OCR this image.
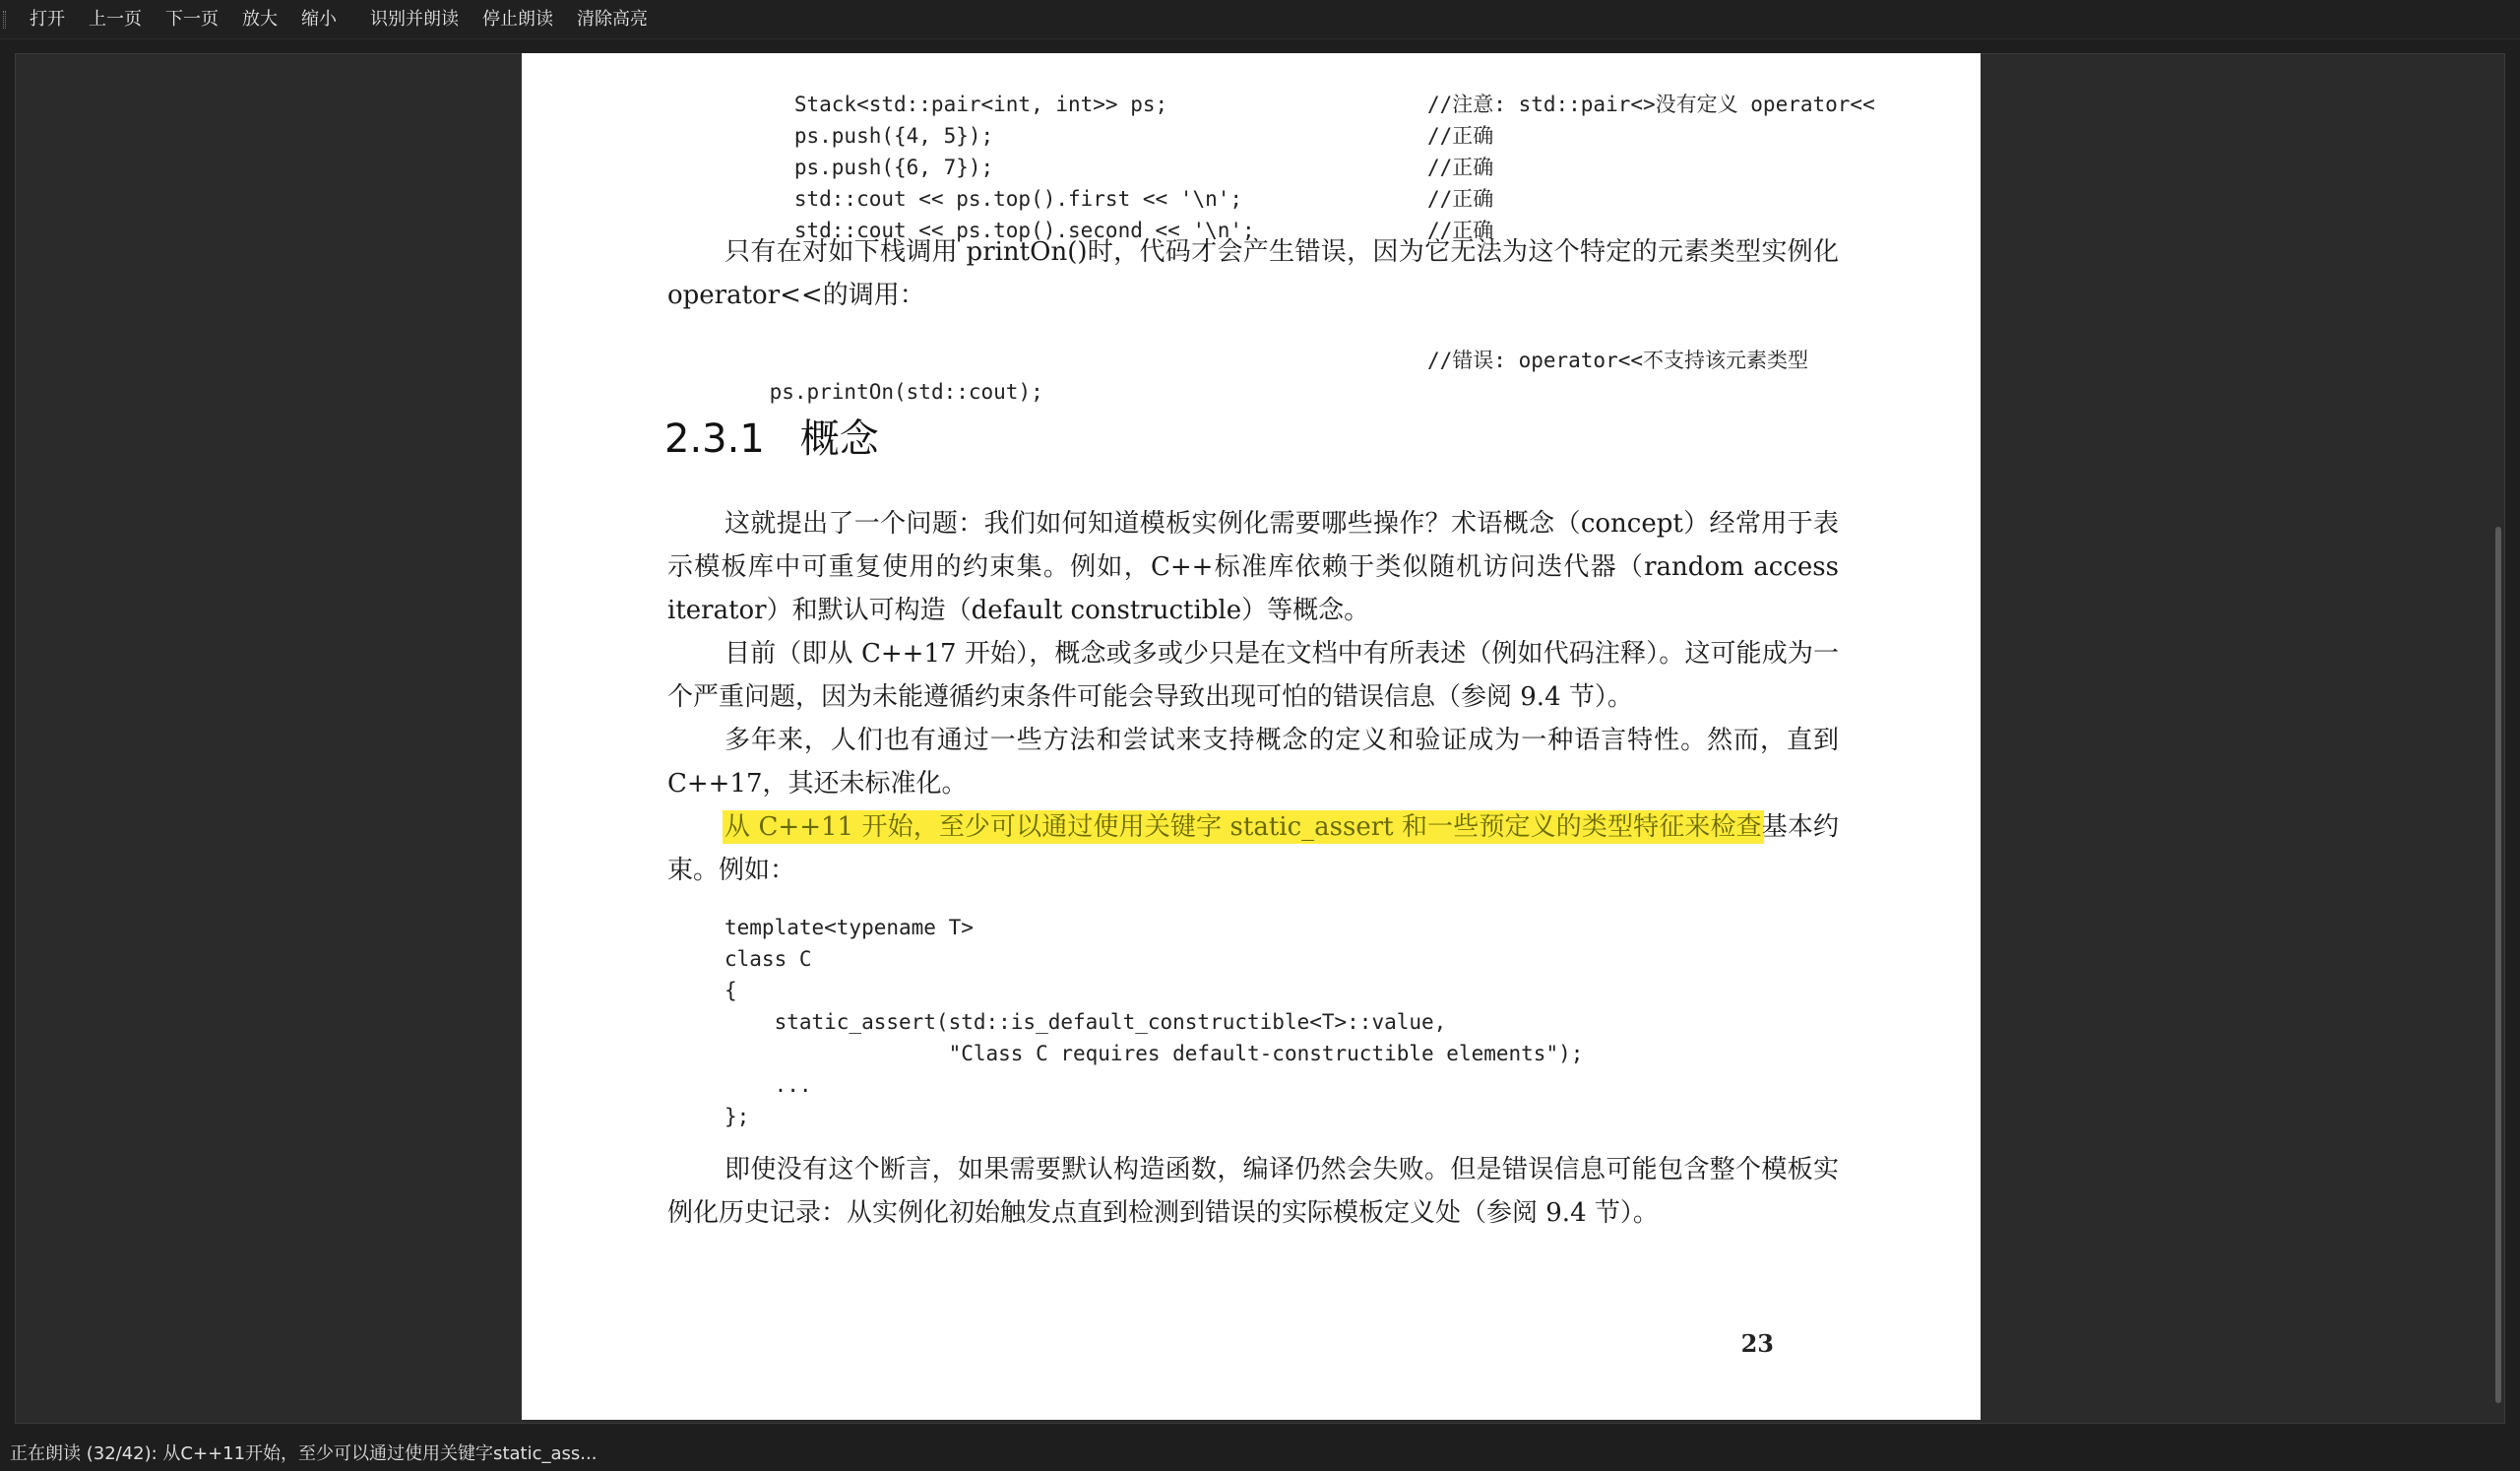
打开	上一页	下一页	放大	缩小	识别并朗读	停止朗读	清除高亮

Stack<std::pair<int, int>> ps;	//注意: std::pair<>没有定义 operator<<

ps.push({4, 5});	//正确

ps.push({6, 7});	//正确

std::cout << ps.top().first << '\n';	//正确

std::cout << ps.top().second << '\n';	//正确

只有在对如下栈调用 printOn()时，代码才会产生错误，因为它无法为这个特定的元素类型实例化 operator<<的调用：

ps.printOn(std::cout);
//错误: operator<<不支持该元素类型

2.3.1 概念
这就提出了一个问题：我们如何知道模板实例化需要哪些操作？术语概念（concept）经常用于表示模板库中可重复使用的约束集。例如，C++标准库依赖于类似随机访问迭代器（random access iterator）和默认可构造（default constructible）等概念。
目前（即从 C++17 开始），概念或多或少只是在文档中有所表述（例如代码注释）。这可能成为一个严重问题，因为未能遵循约束条件可能会导致出现可怕的错误信息（参阅 9.4 节）。
多年来，人们也有通过一些方法和尝试来支持概念的定义和验证成为一种语言特性。然而，直到 C++17，其还未标准化。
从 C++11 开始，至少可以通过使用关键字 static_assert 和一些预定义的类型特征来检查基本约束。例如：
template<typename T>
class C
{
static_assert(std::is_default_constructible<T>::value,
"Class C requires default-constructible elements");
...
};
即使没有这个断言，如果需要默认构造函数，编译仍然会失败。但是错误信息可能包含整个模板实例化历史记录：从实例化初始触发点直到检测到错误的实际模板定义处（参阅 9.4 节）。
23
正在朗读 (32/42): 从C++11开始，至少可以通过使用关键字static_ass...
